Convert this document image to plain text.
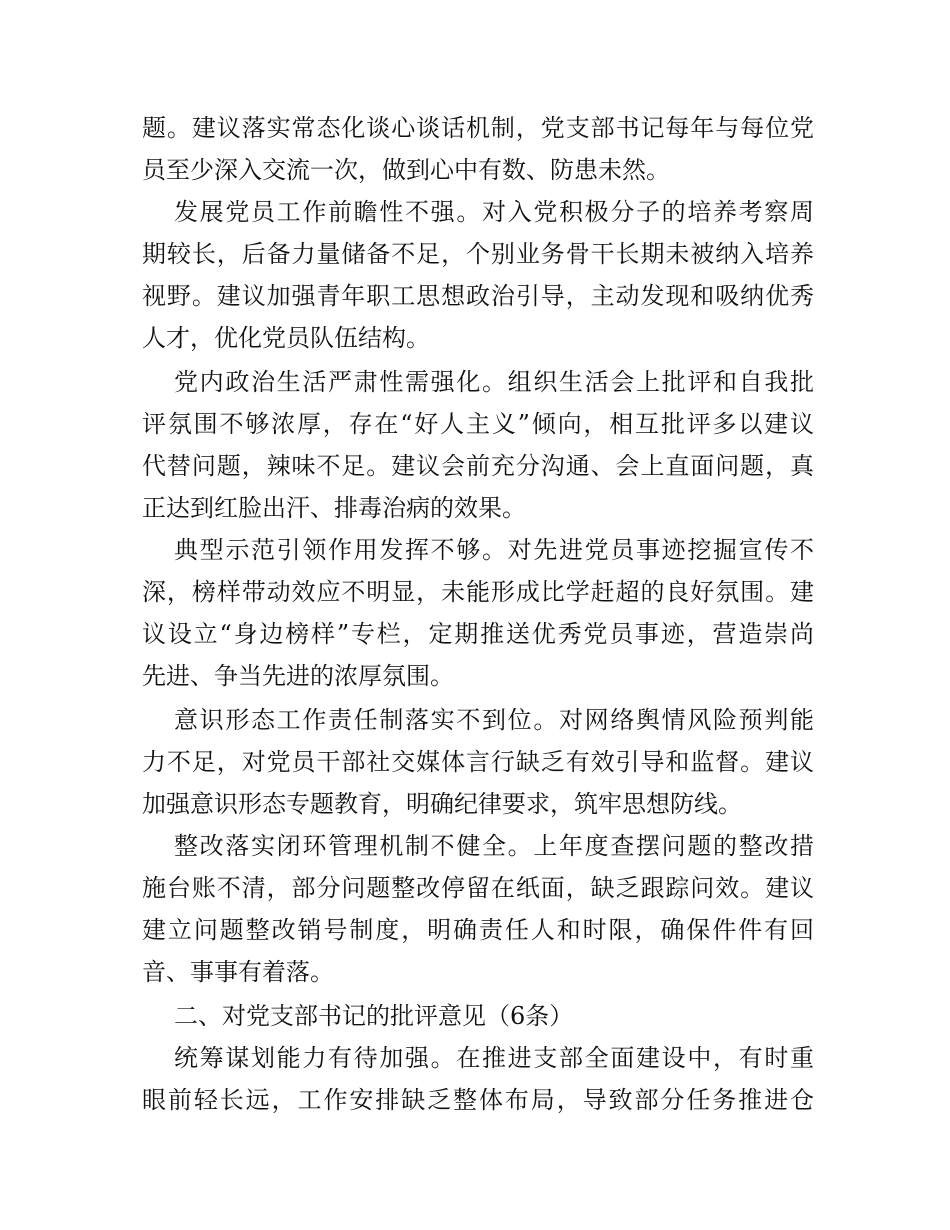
题。建议落实常态化谈心谈话机制，党支部书记每年与每位党
员至少深入交流一次，做到心中有数、防患未然。
发展党员工作前瞻性不强。对入党积极分子的培养考察周
期较长，后备力量储备不足，个别业务骨干长期未被纳入培养
视野。建议加强青年职工思想政治引导，主动发现和吸纳优秀
人才，优化党员队伍结构。
党内政治生活严肃性需强化。组织生活会上批评和自我批
评氛围不够浓厚，存在“好人主义”倾向，相互批评多以建议
代替问题，辣味不足。建议会前充分沟通、会上直面问题，真
正达到红脸出汗、排毒治病的效果。
典型示范引领作用发挥不够。对先进党员事迹挖掘宣传不
深，榜样带动效应不明显，未能形成比学赶超的良好氛围。建
议设立“身边榜样”专栏，定期推送优秀党员事迹，营造崇尚
先进、争当先进的浓厚氛围。
意识形态工作责任制落实不到位。对网络舆情风险预判能
力不足，对党员干部社交媒体言行缺乏有效引导和监督。建议
加强意识形态专题教育，明确纪律要求，筑牢思想防线。
整改落实闭环管理机制不健全。上年度查摆问题的整改措
施台账不清，部分问题整改停留在纸面，缺乏跟踪问效。建议
建立问题整改销号制度，明确责任人和时限，确保件件有回
音、事事有着落。
二、对党支部书记的批评意见（6条）
统筹谋划能力有待加强。在推进支部全面建设中，有时重
眼前轻长远，工作安排缺乏整体布局，导致部分任务推进仓
